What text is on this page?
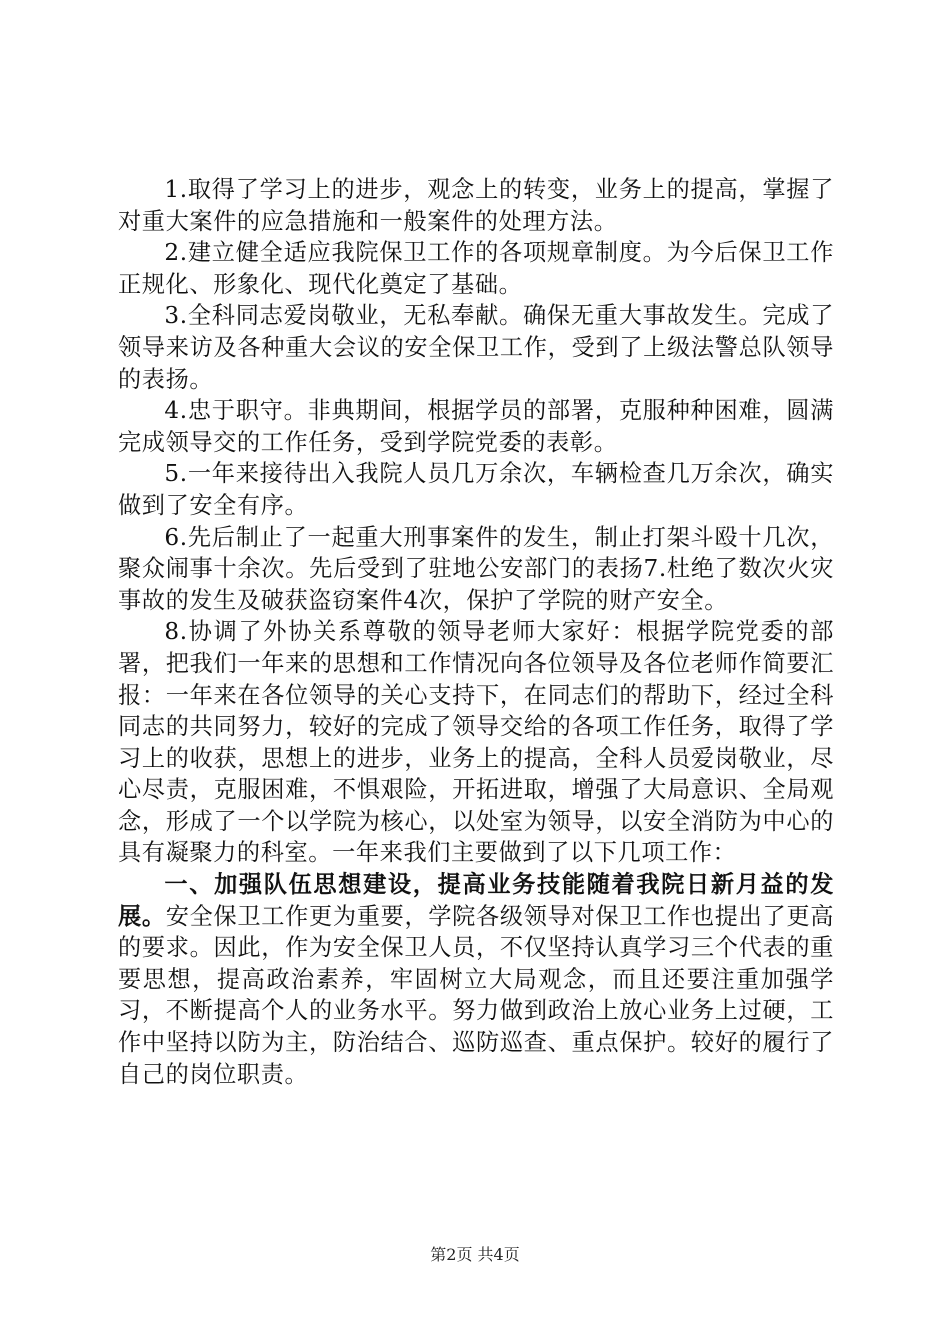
1.取得了学习上的进步，观念上的转变，业务上的提高，掌握了对重大案件的应急措施和一般案件的处理方法。

2.建立健全适应我院保卫工作的各项规章制度。为今后保卫工作正规化、形象化、现代化奠定了基础。

3.全科同志爱岗敬业，无私奉献。确保无重大事故发生。完成了领导来访及各种重大会议的安全保卫工作，受到了上级法警总队领导的表扬。

4.忠于职守。非典期间，根据学员的部署，克服种种困难，圆满完成领导交的工作任务，受到学院党委的表彰。

5.一年来接待出入我院人员几万余次，车辆检查几万余次，确实做到了安全有序。

6.先后制止了一起重大刑事案件的发生，制止打架斗殴十几次，聚众闹事十余次。先后受到了驻地公安部门的表扬7.杜绝了数次火灾事故的发生及破获盗窃案件4次，保护了学院的财产安全。

8.协调了外协关系尊敬的领导老师大家好：根据学院党委的部署，把我们一年来的思想和工作情况向各位领导及各位老师作简要汇报：一年来在各位领导的关心支持下，在同志们的帮助下，经过全科同志的共同努力，较好的完成了领导交给的各项工作任务，取得了学习上的收获，思想上的进步，业务上的提高，全科人员爱岗敬业，尽心尽责，克服困难，不惧艰险，开拓进取，增强了大局意识、全局观念，形成了一个以学院为核心，以处室为领导，以安全消防为中心的具有凝聚力的科室。一年来我们主要做到了以下几项工作：

一、加强队伍思想建设，提高业务技能随着我院日新月益的发展。安全保卫工作更为重要，学院各级领导对保卫工作也提出了更高的要求。因此，作为安全保卫人员，不仅坚持认真学习三个代表的重要思想，提高政治素养，牢固树立大局观念，而且还要注重加强学习，不断提高个人的业务水平。努力做到政治上放心业务上过硬，工作中坚持以防为主，防治结合、巡防巡查、重点保护。较好的履行了自己的岗位职责。

第2页 共4页
